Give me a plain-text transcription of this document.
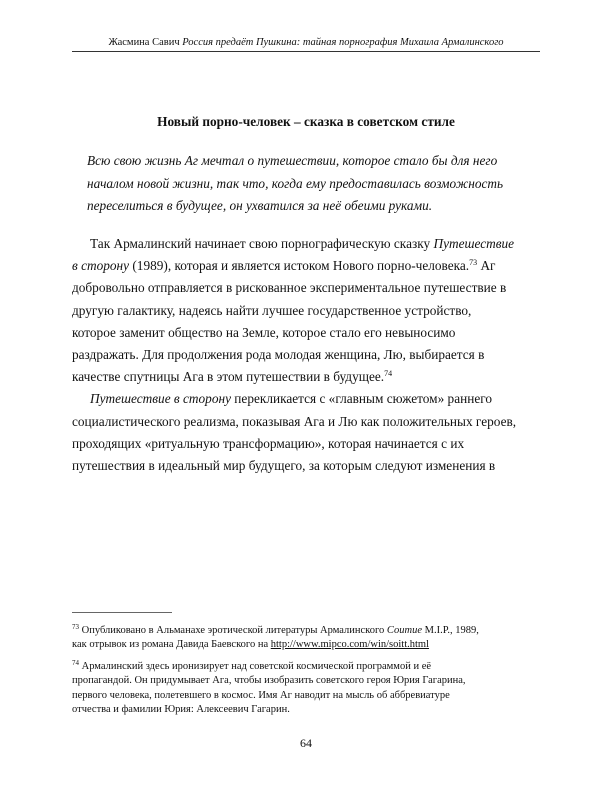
Жасмина Савич Россия предаёт Пушкина: тайная порнография Михаила Армалинского
Новый порно-человек – сказка в советском стиле
Всю свою жизнь Аг мечтал о путешествии, которое стало бы для него
началом новой жизни, так что, когда ему предоставилась возможность
переселиться в будущее, он ухватился за неё обеими руками.
Так Армалинский начинает свою порнографическую сказку Путешествие
в сторону (1989), которая и является истоком Нового порно-человека.$^{73}$ Аг
добровольно отправляется в рискованное экспериментальное путешествие в
другую галактику, надеясь найти лучшее государственное устройство,
которое заменит общество на Земле, которое стало его невыносимо
раздражать. Для продолжения рода молодая женщина, Лю, выбирается в
качестве спутницы Ага в этом путешествии в будущее.$^{74}$
Путешествие в сторону перекликается с «главным сюжетом» раннего
социалистического реализма, показывая Ага и Лю как положительных героев,
проходящих «ритуальную трансформацию», которая начинается с их
путешествия в идеальный мир будущего, за которым следуют изменения в
$^{73}$ Опубликовано в Альманахе эротической литературы Армалинского Соитие M.I.P., 1989,
как отрывок из романа Давида Баевского на http://www.mipco.com/win/soitt.html
$^{74}$ Армалинский здесь иронизирует над советской космической программой и её
пропагандой. Он придумывает Ага, чтобы изобразить советского героя Юрия Гагарина,
первого человека, полетевшего в космос. Имя Аг наводит на мысль об аббревиатуре
отчества и фамилии Юрия: Алексеевич Гагарин.
64
